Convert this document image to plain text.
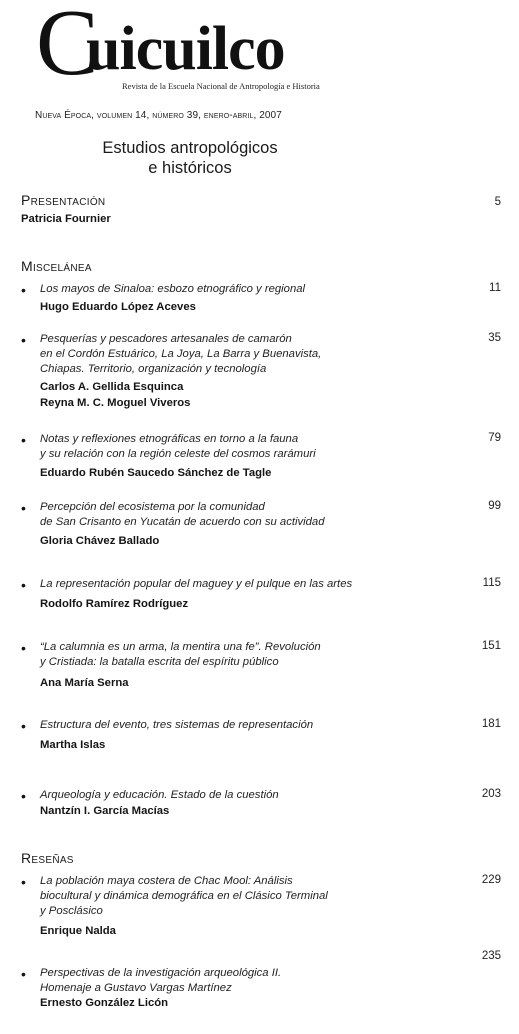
C
uicuilco
Revista de la Escuela Nacional de Antropología e Historia
Nueva Época, volumen 14, número 39, enero-abril, 2007
Estudios antropológicos
e históricos
Presentación	5
Patricia Fournier
Miscelánea
• Los mayos de Sinaloa: esbozo etnográfico y regional
Hugo Eduardo López Aceves
11
• Pesquerías y pescadores artesanales de camarón
en el Cordón Estuárico, La Joya, La Barra y Buenavista,
Chiapas. Territorio, organización y tecnología
Carlos A. Gellida Esquinca
Reyna M. C. Moguel Viveros
35
• Notas y reflexiones etnográficas en torno a la fauna
y su relación con la región celeste del cosmos rarámuri
Eduardo Rubén Saucedo Sánchez de Tagle
79
• Percepción del ecosistema por la comunidad
de San Crisanto en Yucatán de acuerdo con su actividad
Gloria Chávez Ballado
99
• La representación popular del maguey y el pulque en las artes
Rodolfo Ramírez Rodríguez
115
• “La calumnia es un arma, la mentira una fe”. Revolución
y Cristiada: la batalla escrita del espíritu público
Ana María Serna
151
• Estructura del evento, tres sistemas de representación
Martha Islas
181
• Arqueología y educación. Estado de la cuestión
Nantzín I. García Macías
203
Reseñas
• La población maya costera de Chac Mool: Análisis
biocultural y dinámica demográfica en el Clásico Terminal
y Posclásico
Enrique Nalda
229
• Perspectivas de la investigación arqueológica II.
Homenaje a Gustavo Vargas Martínez
Ernesto González Licón
235
